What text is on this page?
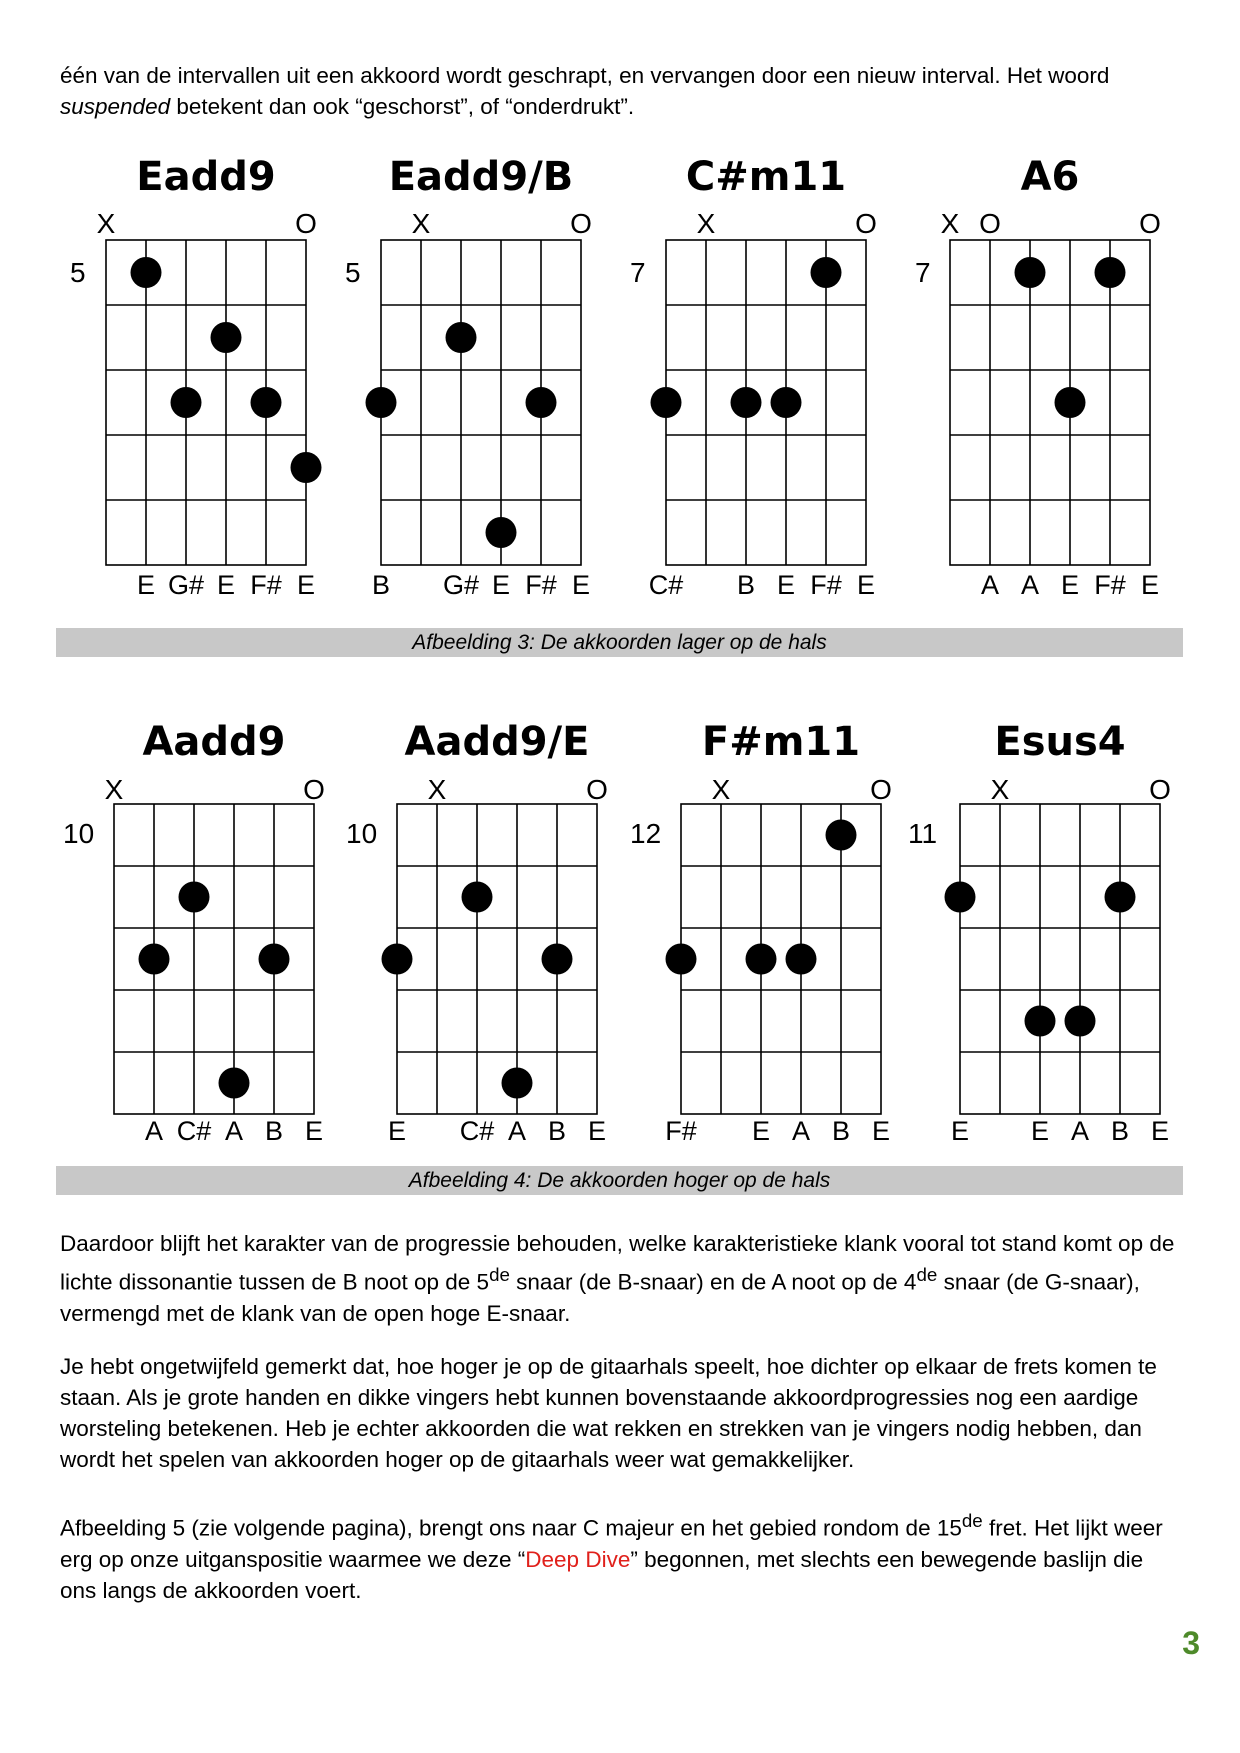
één van de intervallen uit een akkoord wordt geschrapt, en vervangen door een nieuw interval. Het woord
suspended betekent dan ook “geschorst”, of “onderdrukt”.

Eadd9
5
X	O
E G# E F# E
Eadd9/B
5
X	O
B G# E F# E
C#m11
7
X	O
C# B E F# E
A6
7
X O	O
A A E F# E
Afbeelding 3: De akkoorden lager op de hals
Aadd9
10
X	O
A C# A B E
Aadd9/E
10
X	O
E C# A B E
F#m11
12
X	O
F# E A B E
Esus4
11
X	O
E E A B E
Afbeelding 4: De akkoorden hoger op de hals

Daardoor blijft het karakter van de progressie behouden, welke karakteristieke klank vooral tot stand komt op de lichte dissonantie tussen de B noot op de 5de snaar (de B-snaar) en de A noot op de 4de snaar (de G-snaar), vermengd met de klank van de open hoge E-snaar.

Je hebt ongetwijfeld gemerkt dat, hoe hoger je op de gitaarhals speelt, hoe dichter op elkaar de frets komen te staan. Als je grote handen en dikke vingers hebt kunnen bovenstaande akkoordprogressies nog een aardige worsteling betekenen. Heb je echter akkoorden die wat rekken en strekken van je vingers nodig hebben, dan wordt het spelen van akkoorden hoger op de gitaarhals weer wat gemakkelijker.

Afbeelding 5 (zie volgende pagina), brengt ons naar C majeur en het gebied rondom de 15de fret. Het lijkt weer erg op onze uitganspositie waarmee we deze “Deep Dive” begonnen, met slechts een bewegende baslijn die ons langs de akkoorden voert.

3
